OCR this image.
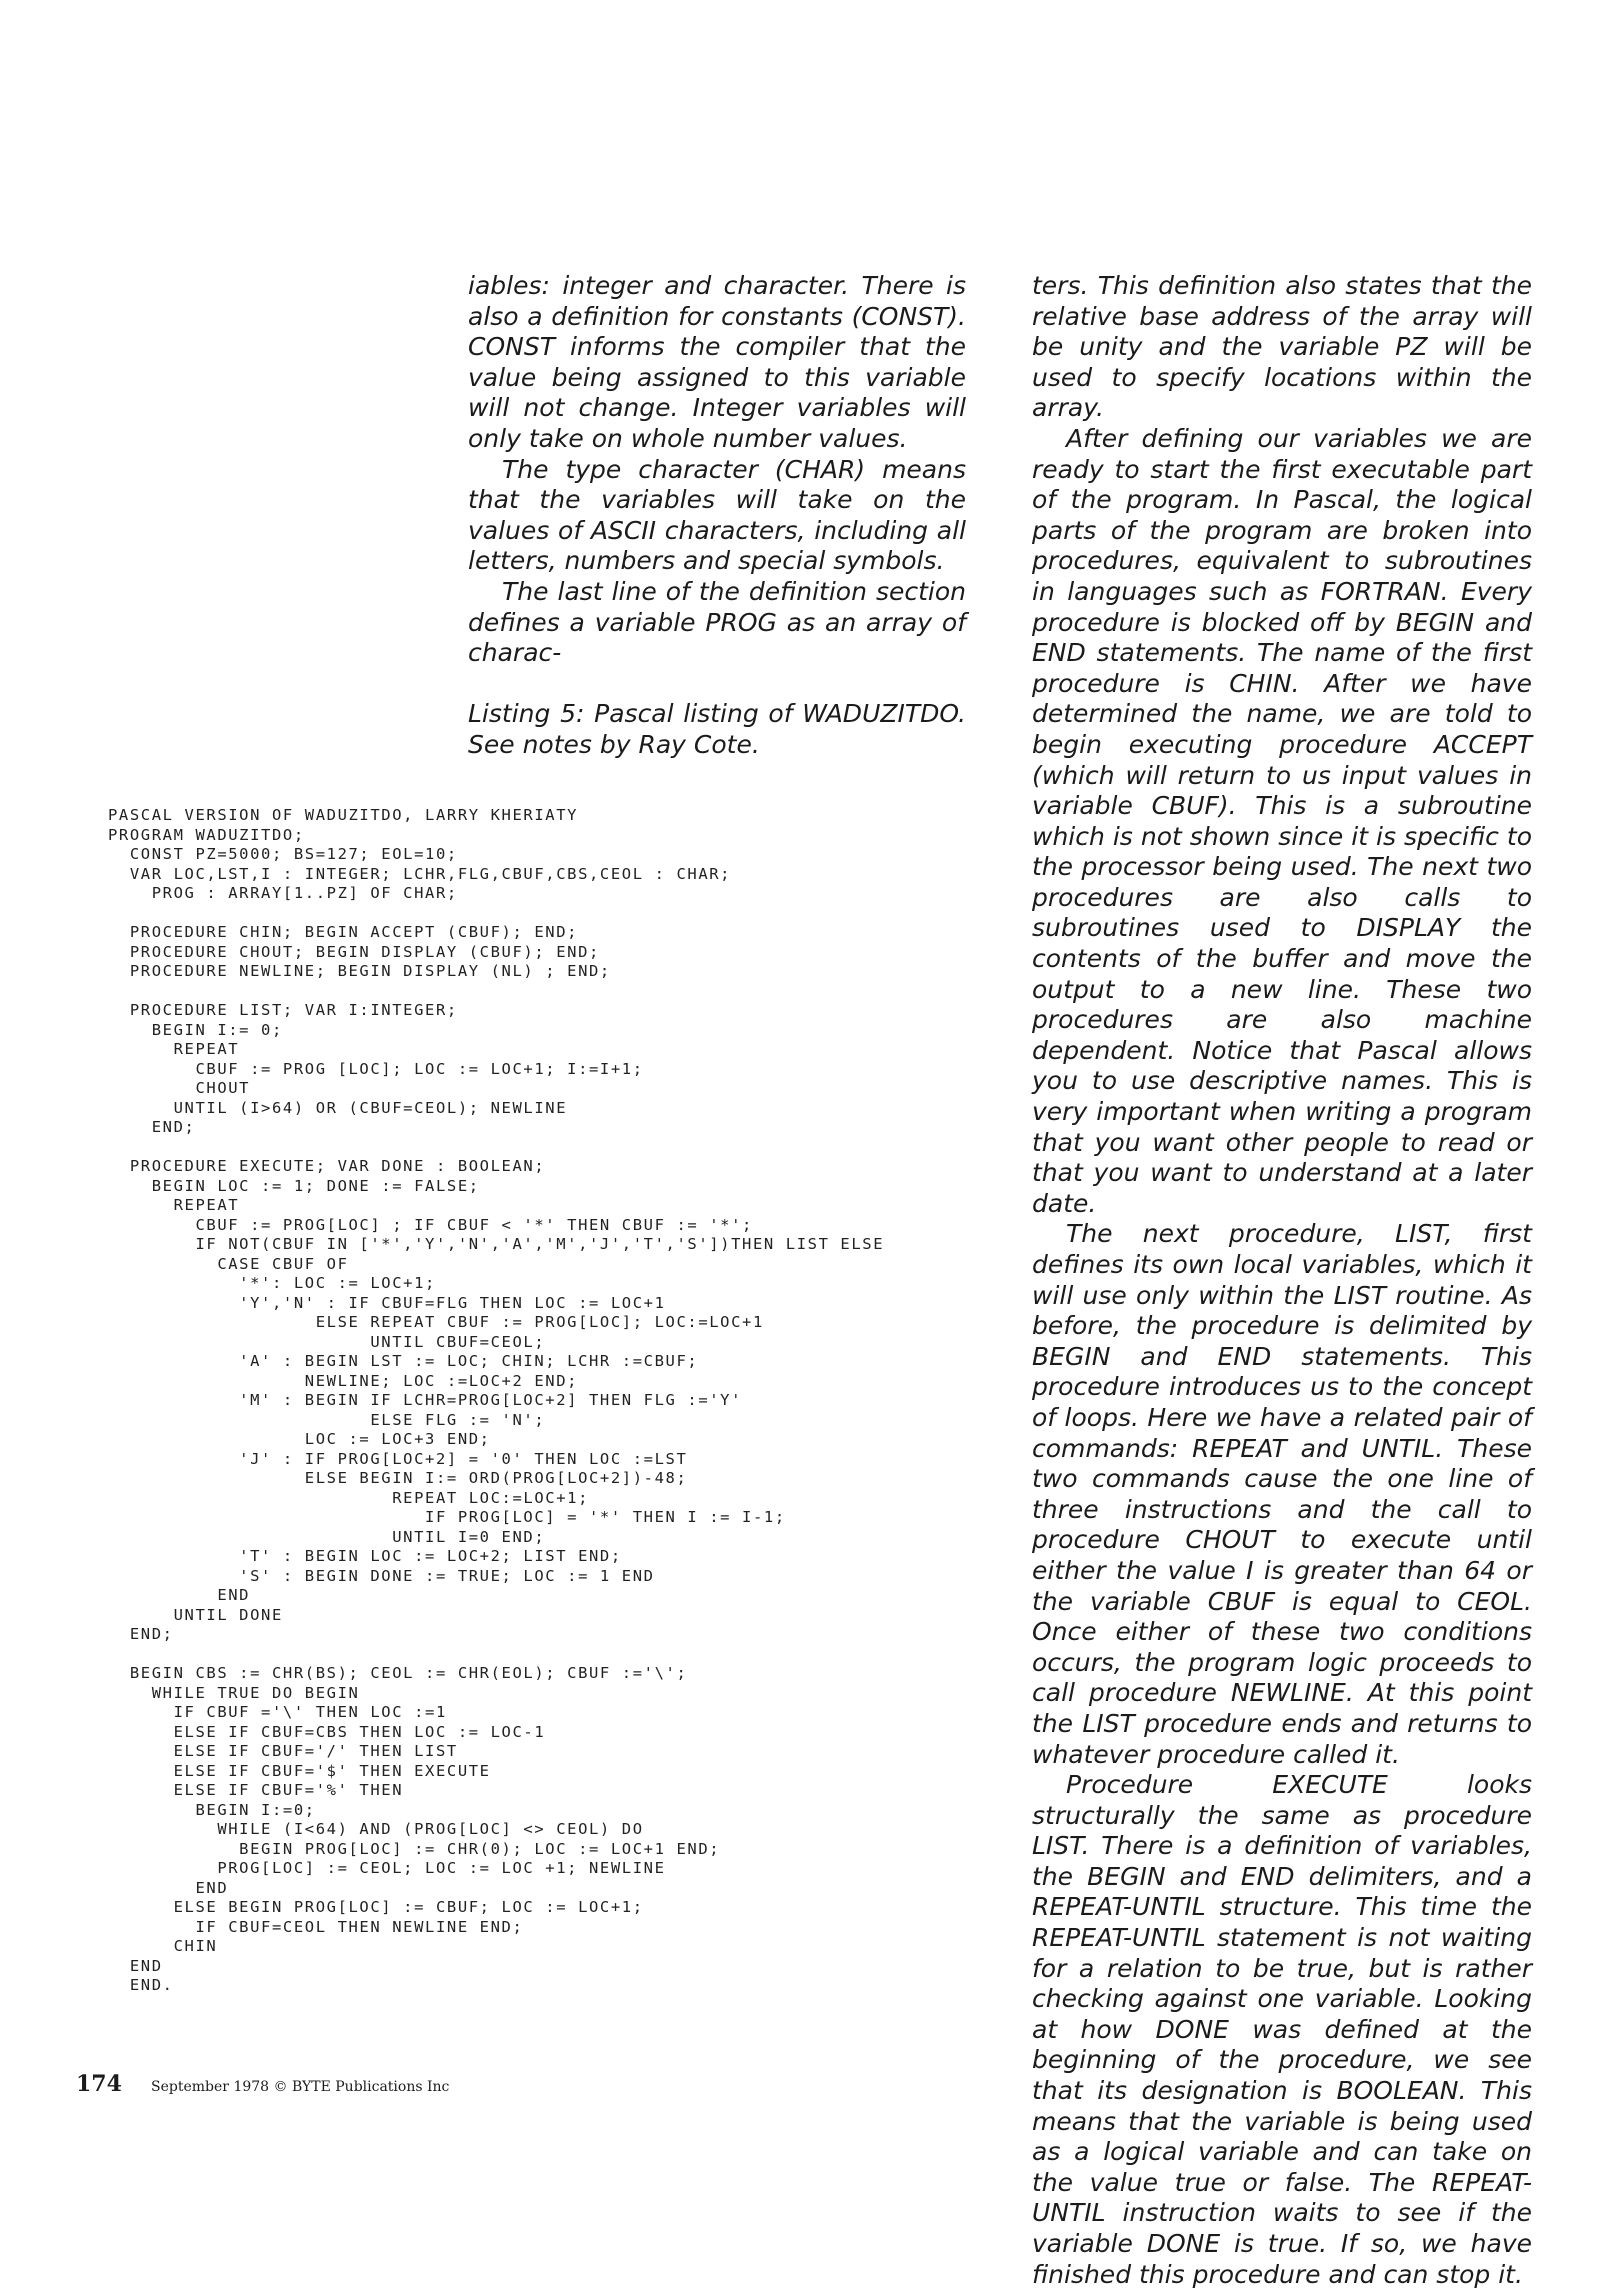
iables: integer and character. There is also a definition for constants (CONST). CONST informs the compiler that the value being assigned to this variable will not change. Integer variables will only take on whole number values.

The type character (CHAR) means that the variables will take on the values of ASCII characters, including all letters, numbers and special symbols.

The last line of the definition section defines a variable PROG as an array of charac-

Listing 5: Pascal listing of WADUZITDO. See notes by Ray Cote.

PASCAL VERSION OF WADUZITDO, LARRY KHERIATY
PROGRAM WADUZITDO;
CONST PZ=5000; BS=127; EOL=10;
VAR LOC,LST,I : INTEGER; LCHR,FLG,CBUF,CBS,CEOL : CHAR;
PROG : ARRAY[1..PZ] OF CHAR;

PROCEDURE CHIN; BEGIN ACCEPT (CBUF); END;
PROCEDURE CHOUT; BEGIN DISPLAY (CBUF); END;
PROCEDURE NEWLINE; BEGIN DISPLAY (NL) ; END;

PROCEDURE LIST; VAR I:INTEGER;
BEGIN I:= 0;
REPEAT
CBUF := PROG [LOC]; LOC := LOC+1; I:=I+1;
CHOUT
UNTIL (I>64) OR (CBUF=CEOL); NEWLINE
END;

PROCEDURE EXECUTE; VAR DONE : BOOLEAN;
BEGIN LOC := 1; DONE := FALSE;
REPEAT
CBUF := PROG[LOC] ; IF CBUF < '*' THEN CBUF := '*';
IF NOT(CBUF IN ['*','Y','N','A','M','J','T','S'])THEN LIST ELSE
CASE CBUF OF
'*': LOC := LOC+1;
'Y','N' : IF CBUF=FLG THEN LOC := LOC+1
ELSE REPEAT CBUF := PROG[LOC]; LOC:=LOC+1
UNTIL CBUF=CEOL;
'A' : BEGIN LST := LOC; CHIN; LCHR :=CBUF;
NEWLINE; LOC :=LOC+2 END;
'M' : BEGIN IF LCHR=PROG[LOC+2] THEN FLG :='Y'
ELSE FLG := 'N';
LOC := LOC+3 END;
'J' : IF PROG[LOC+2] = '0' THEN LOC :=LST
ELSE BEGIN I:= ORD(PROG[LOC+2])-48;
REPEAT LOC:=LOC+1;
IF PROG[LOC] = '*' THEN I := I-1;
UNTIL I=0 END;
'T' : BEGIN LOC := LOC+2; LIST END;
'S' : BEGIN DONE := TRUE; LOC := 1 END
END
UNTIL DONE
END;

BEGIN CBS := CHR(BS); CEOL := CHR(EOL); CBUF :='\';
WHILE TRUE DO BEGIN
IF CBUF ='\' THEN LOC :=1
ELSE IF CBUF=CBS THEN LOC := LOC-1
ELSE IF CBUF='/' THEN LIST
ELSE IF CBUF='$' THEN EXECUTE
ELSE IF CBUF='%' THEN
BEGIN I:=0;
WHILE (I<64) AND (PROG[LOC] <> CEOL) DO
BEGIN PROG[LOC] := CHR(0); LOC := LOC+1 END;
PROG[LOC] := CEOL; LOC := LOC +1; NEWLINE
END
ELSE BEGIN PROG[LOC] := CBUF; LOC := LOC+1;
IF CBUF=CEOL THEN NEWLINE END;
CHIN
END
END.

ters. This definition also states that the relative base address of the array will be unity and the variable PZ will be used to specify locations within the array.

After defining our variables we are ready to start the first executable part of the program. In Pascal, the logical parts of the program are broken into procedures, equivalent to subroutines in languages such as FORTRAN. Every procedure is blocked off by BEGIN and END statements. The name of the first procedure is CHIN. After we have determined the name, we are told to begin executing procedure ACCEPT (which will return to us input values in variable CBUF). This is a subroutine which is not shown since it is specific to the processor being used. The next two procedures are also calls to subroutines used to DISPLAY the contents of the buffer and move the output to a new line. These two procedures are also machine dependent. Notice that Pascal allows you to use descriptive names. This is very important when writing a program that you want other people to read or that you want to understand at a later date.

The next procedure, LIST, first defines its own local variables, which it will use only within the LIST routine. As before, the procedure is delimited by BEGIN and END statements. This procedure introduces us to the concept of loops. Here we have a related pair of commands: REPEAT and UNTIL. These two commands cause the one line of three instructions and the call to procedure CHOUT to execute until either the value I is greater than 64 or the variable CBUF is equal to CEOL. Once either of these two conditions occurs, the program logic proceeds to call procedure NEWLINE. At this point the LIST procedure ends and returns to whatever procedure called it.

Procedure EXECUTE looks structurally the same as procedure LIST. There is a definition of variables, the BEGIN and END delimiters, and a REPEAT-UNTIL structure. This time the REPEAT-UNTIL statement is not waiting for a relation to be true, but is rather checking against one variable. Looking at how DONE was defined at the beginning of the procedure, we see that its designation is BOOLEAN. This means that the variable is being used as a logical variable and can take on the value true or false. The REPEAT-UNTIL instruction waits to see if the variable DONE is true. If so, we have finished this procedure and can stop it.

174 September 1978 © BYTE Publications Inc
